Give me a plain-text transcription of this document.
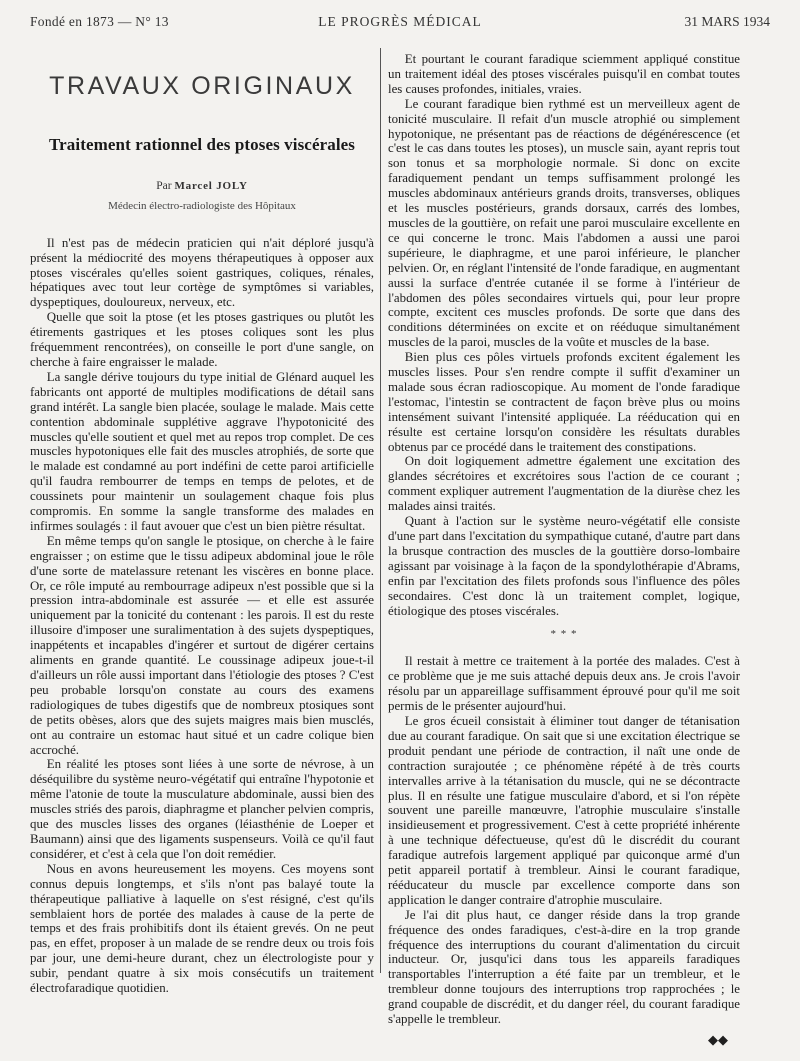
Fondé en 1873 — N° 13	LE PROGRÈS MÉDICAL	31 MARS 1934
TRAVAUX ORIGINAUX
Traitement rationnel des ptoses viscérales
Par Marcel JOLY
Médecin électro-radiologiste des Hôpitaux

Il n'est pas de médecin praticien qui n'ait déploré jusqu'à présent la médiocrité des moyens thérapeutiques à opposer aux ptoses viscérales qu'elles soient gastriques, coliques, rénales, hépatiques avec tout leur cortège de symptômes si variables, dyspeptiques, douloureux, nerveux, etc.

Quelle que soit la ptose (et les ptoses gastriques ou plutôt les étirements gastriques et les ptoses coliques sont les plus fréquemment rencontrées), on conseille le port d'une sangle, on cherche à faire engraisser le malade.

La sangle dérive toujours du type initial de Glénard auquel les fabricants ont apporté de multiples modifications de détail sans grand intérêt. La sangle bien placée, soulage le malade. Mais cette contention abdominale supplétive aggrave l'hypotonicité des muscles qu'elle soutient et quel met au repos trop complet. De ces muscles hypotoniques elle fait des muscles atrophiés, de sorte que le malade est condamné au port indéfini de cette paroi artificielle qu'il faudra rembourrer de temps en temps de pelotes, et de coussinets pour maintenir un soulagement chaque fois plus compromis. En somme la sangle transforme des malades en infirmes soulagés : il faut avouer que c'est un bien piètre résultat.

En même temps qu'on sangle le ptosique, on cherche à le faire engraisser ; on estime que le tissu adipeux abdominal joue le rôle d'une sorte de matelassure retenant les viscères en bonne place. Or, ce rôle imputé au rembourrage adipeux n'est possible que si la pression intra-abdominale est assurée — et elle est assurée uniquement par la tonicité du contenant : les parois. Il est du reste illusoire d'imposer une suralimentation à des sujets dyspeptiques, inappétents et incapables d'ingérer et surtout de digérer certains aliments en grande quantité. Le coussinage adipeux joue-t-il d'ailleurs un rôle aussi important dans l'étiologie des ptoses ? C'est peu probable lorsqu'on constate au cours des examens radiologiques de tubes digestifs que de nombreux ptosiques sont de petits obèses, alors que des sujets maigres mais bien musclés, ont au contraire un estomac haut situé et un cadre colique bien accroché.

En réalité les ptoses sont liées à une sorte de névrose, à un déséquilibre du système neuro-végétatif qui entraîne l'hypotonie et même l'atonie de toute la musculature abdominale, aussi bien des muscles striés des parois, diaphragme et plancher pelvien compris, que des muscles lisses des organes (léiasthénie de Loeper et Baumann) ainsi que des ligaments suspenseurs. Voilà ce qu'il faut considérer, et c'est à cela que l'on doit remédier.

Nous en avons heureusement les moyens. Ces moyens sont connus depuis longtemps, et s'ils n'ont pas balayé toute la thérapeutique palliative à laquelle on s'est résigné, c'est qu'ils semblaient hors de portée des malades à cause de la perte de temps et des frais prohibitifs dont ils étaient grevés. On ne peut pas, en effet, proposer à un malade de se rendre deux ou trois fois par jour, une demi-heure durant, chez un électrologiste pour y subir, pendant quatre à six mois consécutifs un traitement électrofaradique quotidien.

Et pourtant le courant faradique sciemment appliqué constitue un traitement idéal des ptoses viscérales puisqu'il en combat toutes les causes profondes, initiales, vraies.

Le courant faradique bien rythmé est un merveilleux agent de tonicité musculaire. Il refait d'un muscle atrophié ou simplement hypotonique, ne présentant pas de réactions de dégénérescence (et c'est le cas dans toutes les ptoses), un muscle sain, ayant repris tout son tonus et sa morphologie normale. Si donc on excite faradiquement pendant un temps suffisamment prolongé les muscles abdominaux antérieurs grands droits, transverses, obliques et les muscles postérieurs, grands dorsaux, carrés des lombes, muscles de la gouttière, on refait une paroi musculaire excellente en ce qui concerne le tronc. Mais l'abdomen a aussi une paroi supérieure, le diaphragme, et une paroi inférieure, le plancher pelvien. Or, en réglant l'intensité de l'onde faradique, en augmentant aussi la surface d'entrée cutanée il se forme à l'intérieur de l'abdomen des pôles secondaires virtuels qui, pour leur propre compte, excitent ces muscles profonds. De sorte que dans des conditions déterminées on excite et on rééduque simultanément muscles de la paroi, muscles de la voûte et muscles de la base.

Bien plus ces pôles virtuels profonds excitent également les muscles lisses. Pour s'en rendre compte il suffit d'examiner un malade sous écran radioscopique. Au moment de l'onde faradique l'estomac, l'intestin se contractent de façon brève plus ou moins intensément suivant l'intensité appliquée. La rééducation qui en résulte est certaine lorsqu'on considère les résultats durables obtenus par ce procédé dans le traitement des constipations.

On doit logiquement admettre également une excitation des glandes sécrétoires et excrétoires sous l'action de ce courant ; comment expliquer autrement l'augmentation de la diurèse chez les malades ainsi traités.

Quant à l'action sur le système neuro-végétatif elle consiste d'une part dans l'excitation du sympathique cutané, d'autre part dans la brusque contraction des muscles de la gouttière dorso-lombaire agissant par voisinage à la façon de la spondylothérapie d'Abrams, enfin par l'excitation des filets profonds sous l'influence des pôles secondaires. C'est donc là un traitement complet, logique, étiologique des ptoses viscérales.

* * *

Il restait à mettre ce traitement à la portée des malades. C'est à ce problème que je me suis attaché depuis deux ans. Je crois l'avoir résolu par un appareillage suffisamment éprouvé pour qu'il me soit permis de le présenter aujourd'hui.

Le gros écueil consistait à éliminer tout danger de tétanisation due au courant faradique. On sait que si une excitation électrique se produit pendant une période de contraction, il naît une onde de contraction surajoutée ; ce phénomène répété à de très courts intervalles arrive à la tétanisation du muscle, qui ne se décontracte plus. Il en résulte une fatigue musculaire d'abord, et si l'on répète souvent une pareille manœuvre, l'atrophie musculaire s'installe insidieusement et progressivement. C'est à cette propriété inhérente à une technique défectueuse, qu'est dû le discrédit du courant faradique autrefois largement appliqué par quiconque armé d'un petit appareil portatif à trembleur. Ainsi le courant faradique, rééducateur du muscle par excellence comporte dans son application le danger contraire d'atrophie musculaire.

Je l'ai dit plus haut, ce danger réside dans la trop grande fréquence des ondes faradiques, c'est-à-dire en la trop grande fréquence des interruptions du courant d'alimentation du circuit inducteur. Or, jusqu'ici dans tous les appareils faradiques transportables l'interruption a été faite par un trembleur, et le trembleur donne toujours des interruptions trop rapprochées ; le grand coupable de discrédit, et du danger réel, du courant faradique s'appelle le trembleur.

◆◆
